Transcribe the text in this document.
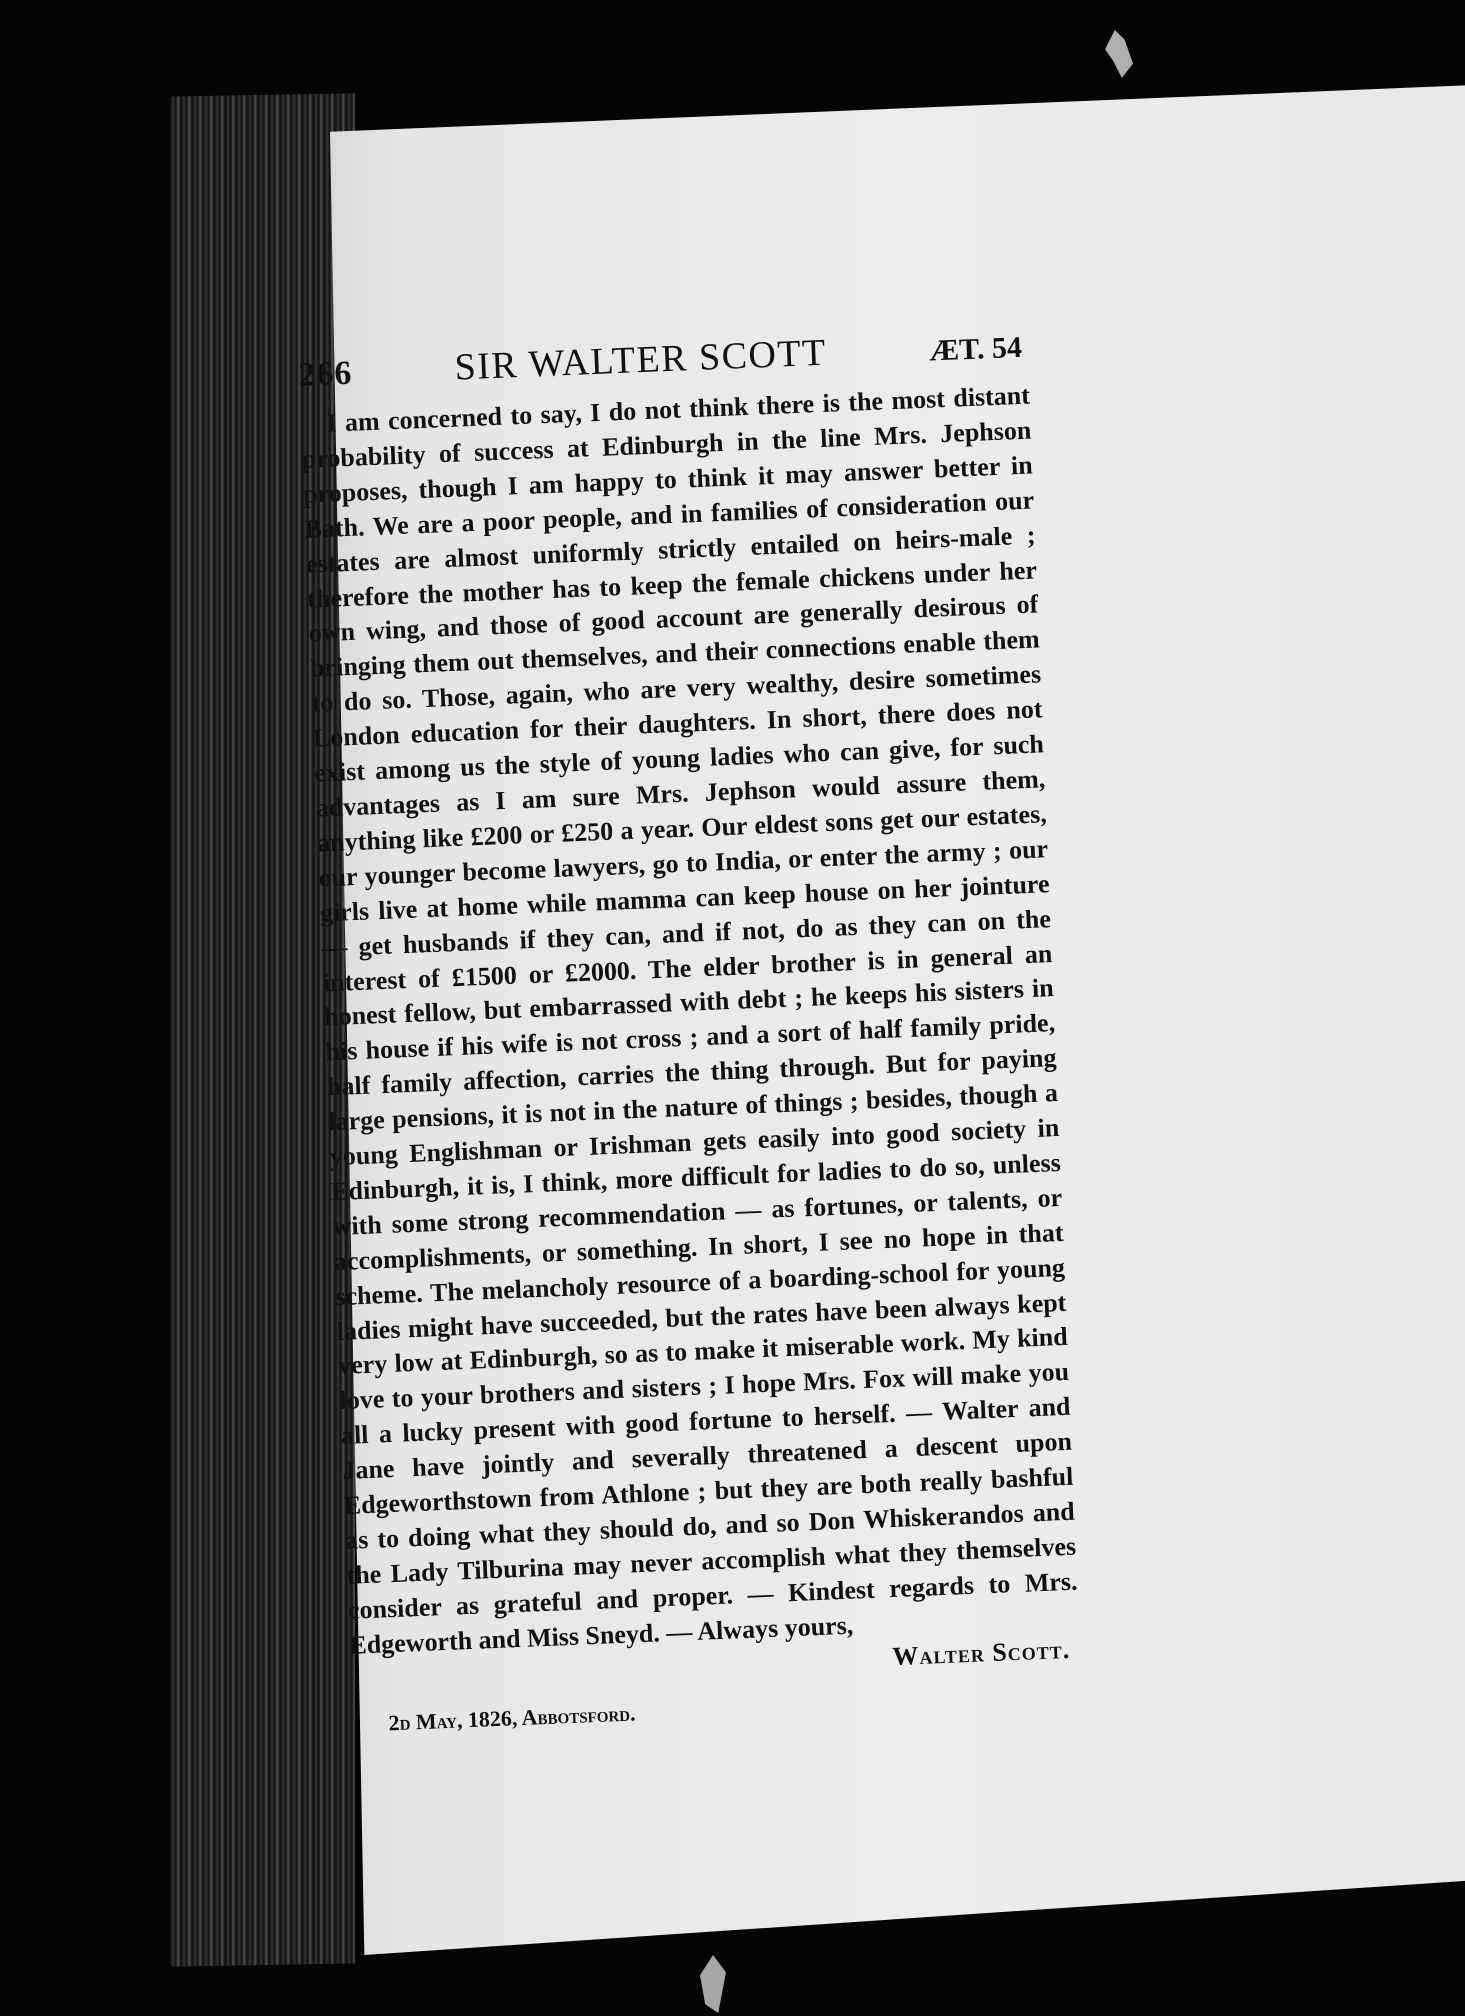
266	SIR WALTER SCOTT	ÆT. 54

I am concerned to say, I do not think there is the most distant probability of success at Edinburgh in the line Mrs. Jephson proposes, though I am happy to think it may answer better in Bath. We are a poor people, and in families of consideration our estates are almost uniformly strictly entailed on heirs-male ; therefore the mother has to keep the female chickens under her own wing, and those of good account are generally desirous of bringing them out themselves, and their connections enable them to do so. Those, again, who are very wealthy, desire sometimes London education for their daughters. In short, there does not exist among us the style of young ladies who can give, for such advantages as I am sure Mrs. Jephson would assure them, anything like £200 or £250 a year. Our eldest sons get our estates, our younger become lawyers, go to India, or enter the army ; our girls live at home while mamma can keep house on her jointure — get husbands if they can, and if not, do as they can on the interest of £1500 or £2000. The elder brother is in general an honest fellow, but embarrassed with debt ; he keeps his sisters in his house if his wife is not cross ; and a sort of half family pride, half family affection, carries the thing through. But for paying large pensions, it is not in the nature of things ; besides, though a young Englishman or Irishman gets easily into good society in Edinburgh, it is, I think, more difficult for ladies to do so, unless with some strong recommendation — as fortunes, or talents, or accomplishments, or something. In short, I see no hope in that scheme. The melancholy resource of a boarding-school for young ladies might have succeeded, but the rates have been always kept very low at Edinburgh, so as to make it miserable work. My kind love to your brothers and sisters ; I hope Mrs. Fox will make you all a lucky present with good fortune to herself. — Walter and Jane have jointly and severally threatened a descent upon Edgeworthstown from Athlone ; but they are both really bashful as to doing what they should do, and so Don Whiskerandos and the Lady Tilburina may never accomplish what they themselves consider as grateful and proper. — Kindest regards to Mrs. Edgeworth and Miss Sneyd. — Always yours,	Walter Scott.
2d May, 1826, Abbotsford.
